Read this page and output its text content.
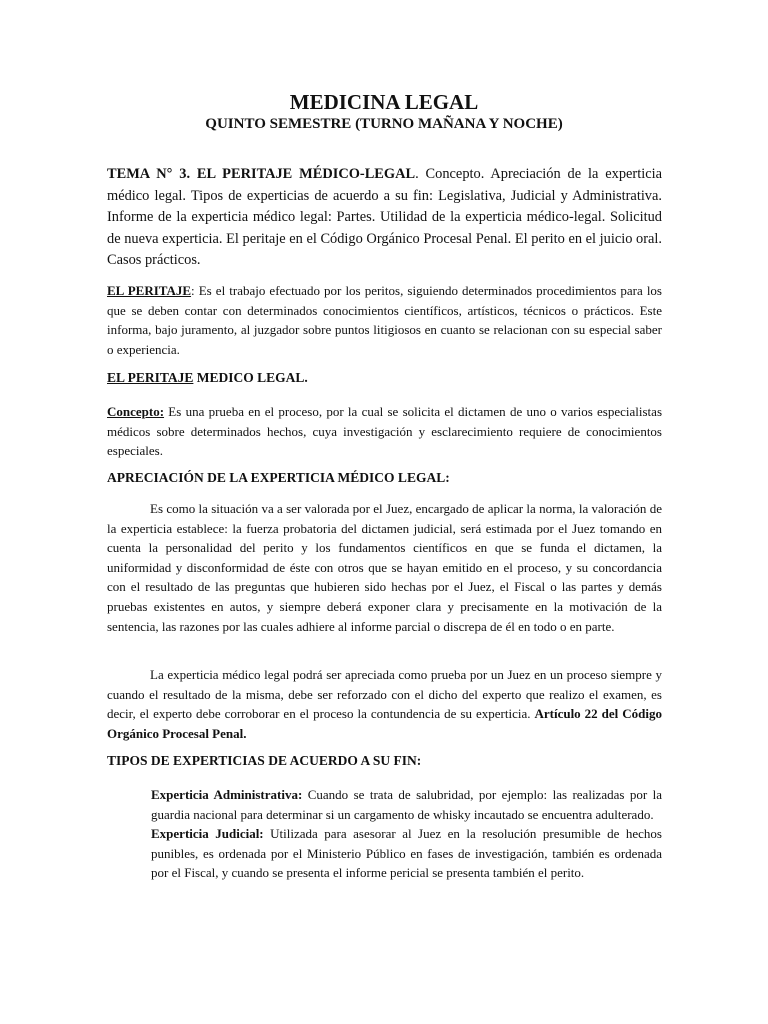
MEDICINA LEGAL
QUINTO SEMESTRE (TURNO MAÑANA Y NOCHE)
TEMA N° 3. EL PERITAJE MÉDICO-LEGAL. Concepto. Apreciación de la experticia médico legal. Tipos de experticias de acuerdo a su fin: Legislativa, Judicial y Administrativa. Informe de la experticia médico legal: Partes. Utilidad de la experticia médico-legal. Solicitud de nueva experticia. El peritaje en el Código Orgánico Procesal Penal. El perito en el juicio oral. Casos prácticos.
EL PERITAJE: Es el trabajo efectuado por los peritos, siguiendo determinados procedimientos para los que se deben contar con determinados conocimientos científicos, artísticos, técnicos o prácticos. Este informa, bajo juramento, al juzgador sobre puntos litigiosos en cuanto se relacionan con su especial saber o experiencia.
EL PERITAJE MEDICO LEGAL.
Concepto: Es una prueba en el proceso, por la cual se solicita el dictamen de uno o varios especialistas médicos sobre determinados hechos, cuya investigación y esclarecimiento requiere de conocimientos especiales.
APRECIACIÓN DE LA EXPERTICIA MÉDICO LEGAL:
Es como la situación va a ser valorada por el Juez, encargado de aplicar la norma, la valoración de la experticia establece: la fuerza probatoria del dictamen judicial, será estimada por el Juez tomando en cuenta la personalidad del perito y los fundamentos científicos en que se funda el dictamen, la uniformidad y disconformidad de éste con otros que se hayan emitido en el proceso, y su concordancia con el resultado de las preguntas que hubieren sido hechas por el Juez, el Fiscal o las partes y demás pruebas existentes en autos, y siempre deberá exponer clara y precisamente en la motivación de la sentencia, las razones por las cuales adhiere al informe parcial o discrepa de él en todo o en parte.
La experticia médico legal podrá ser apreciada como prueba por un Juez en un proceso siempre y cuando el resultado de la misma, debe ser reforzado con el dicho del experto que realizo el examen, es decir, el experto debe corroborar en el proceso la contundencia de su experticia. Artículo 22 del Código Orgánico Procesal Penal.
TIPOS DE EXPERTICIAS DE ACUERDO A SU FIN:

Experticia Administrativa: Cuando se trata de salubridad, por ejemplo: las realizadas por la guardia nacional para determinar si un cargamento de whisky incautado se encuentra adulterado.

Experticia Judicial: Utilizada para asesorar al Juez en la resolución presumible de hechos punibles, es ordenada por el Ministerio Público en fases de investigación, también es ordenada por el Fiscal, y cuando se presenta el informe pericial se presenta también el perito.
